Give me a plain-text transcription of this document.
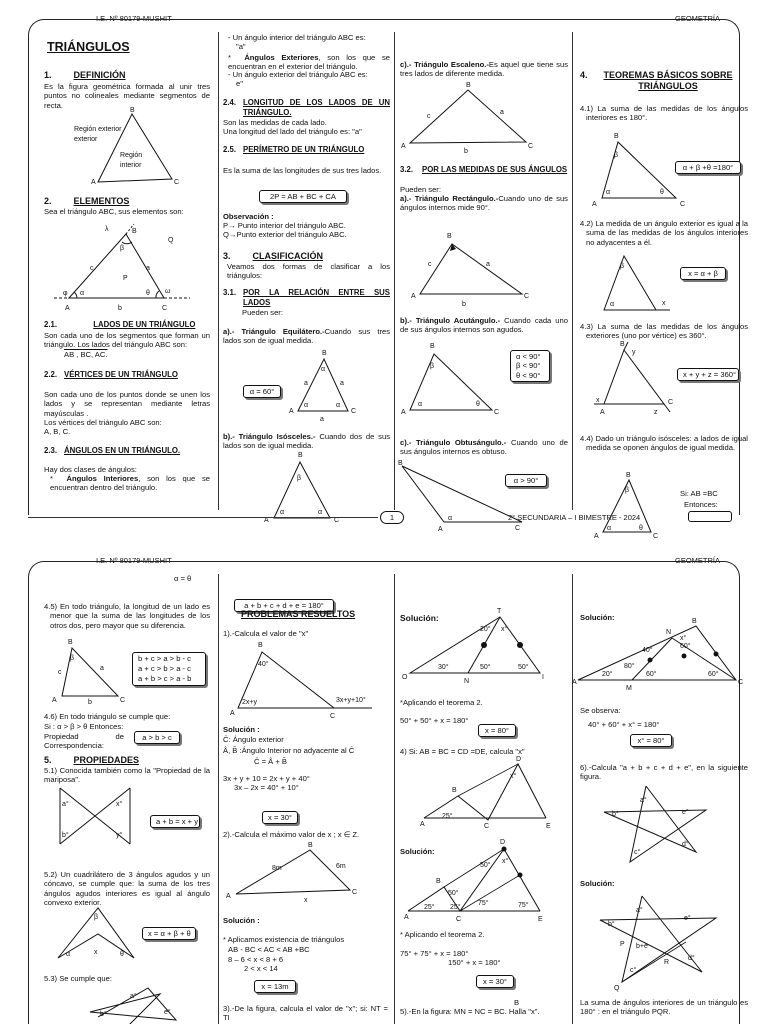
I.E. Nº 80179-MUSHIT	GEOMETRÍA
TRIÁNGULOS
1. DEFINICIÓN
Es la figura geométrica formada al unir tres puntos no colineales mediante segmentos de recta.
B
A	C
Región exterior
exterior
Región
interior
2. ELEMENTOS
Sea el triángulo ABC, sus elementos son:
B
λ
β
Q
c	a
P
φ α	θ ω
A	b	C
2.1.	LADOS DE UN TRIÁNGULO
Son cada uno de los segmentos que forman un triángulo. Los lados del triángulo ABC son:
AB , BC, AC.
2.2. VÉRTICES DE UN TRIÁNGULO
Son cada uno de los puntos donde se unen los lados y se representan mediante letras mayúsculas .
Los vértices del triángulo ABC son:
A, B, C.
2.3. ÁNGULOS EN UN TRIÁNGULO.
Hay dos clases de ángulos:
*  Ángulos Interiores, son los que se encuentran dentro del triángulo.
- Un ángulo interior del triángulo ABC es:
"a"
*  Ángulos Exteriores, son los que se encuentran en el exterior del triángulo.
- Un ángulo exterior del triángulo ABC es:
e"
2.4. LONGITUD DE LOS LADOS DE UN TRIÁNGULO.
Son las medidas de cada lado.
Una longitud del lado del triángulo es: "a"
2.5. PERÍMETRO DE UN TRIÁNGULO
Es la suma de las longitudes de sus tres lados.
2P = AB + BC + CA
Observación :
P→ Punto interior del triángulo ABC.
Q→Punto exterior del triángulo ABC.
3. CLASIFICACIÓN
Veamos dos formas de clasificar a los triángulos:
3.1. POR LA RELACIÓN ENTRE SUS LADOS
Pueden ser:
a).- Triángulo Equilátero.-Cuando sus tres lados son de igual medida.
α = 60°
B
a	a
a
A	C
α	α
α
b).- Triángulo Isósceles.- Cuando dos de sus lados son de igual medida.
B
β
A	C
α	α
c).- Triángulo Escaleno.-Es aquel que tiene sus tres lados de diferente medida.
B
c
a
A
b
C
3.2. POR LAS MEDIDAS DE SUS ÁNGULOS
Pueden ser:
a).- Triángulo Rectángulo.-Cuando uno de sus ángulos internos mide 90°.
B
c	a
A
b
C
b).- Triángulo Acutángulo.- Cuando cada uno de sus ángulos internos son agudos.
B
β
A	C
α	θ
α < 90°
β < 90°
θ < 90°
c).- Triángulo Obtusángulo.- Cuando uno de sus ángulos internos es obtuso.
α > 90°
B
A
α
C
4.	TEOREMAS BÁSICOS SOBRE TRIÁNGULOS
4.1) La suma de las medidas de los ángulos interiores es 180°.
B
β
A	C
α	θ
α + β +θ =180°
4.2) La medida de un ángulo exterior es igual a la suma de las medidas de los ángulos interiores no adyacentes a él.
β
α	x
x = α + β
4.3) La suma de las medidas de los ángulos exteriores (uno por vértice) es 360°.
B
y
x
A	z
C
x + y + z = 360°
4.4) Dado un triángulo isósceles: a lados de igual medida se oponen ángulos de igual medida.
B
β
A	C
α	θ
Si: AB =BC
Entonces:
1	2° SECUNDARIA – I BIMESTRE - 2024
I.E. Nº 80179-MUSHIT	GEOMETRÍA
α = θ
4.5) En todo triángulo, la longitud de un lado es menor que la suma de las longitudes de los otros dos, pero mayor que su diferencia.
B
β
c
a
A	b	C
b + c > a > b - c
a + c > b > a - c
a + b > c > a - b
4.6) En todo triángulo se cumple que:
Si : α > β > θ Entonces:
Propiedad de Correspondencia:
a > b > c
5. PROPIEDADES
5.1) Conocida también como la "Propiedad de la mariposa".
a°	x°
b°	y°
a + b = x + y
5.2) Un cuadrilátero de 3 ángulos agudos y un cóncavo, se cumple que: la suma de los tres ángulos agudos interiores es igual al ángulo convexo exterior.
β
x
α	θ
x = α + β + θ
5.3) Se cumple que:
a°
b°	e°
a + b + c + d + e = 180°
PROBLEMAS RESUELTOS
1).-Calcula el valor de "x"
B
40°
A	C
2x+y	3x+y+10°
Solución :
Ĉ: Ángulo exterior
Â, B̂ :Ángulo Interior no adyacente al Ĉ
Ĉ = Â + B̂
3x + y + 10 = 2x + y + 40°
3x – 2x = 40° + 10°
x = 30°
2).-Calcula el máximo valor de x ; x ∈ Z.
B
8m	6m
A
x
C
Solución :
* Aplicamos existencia de triángulos
AB - BC < AC < AB +BC
8 – 6 < x < 8 + 6
2 < x < 14
x = 13m
3).-De la figura, calcula el valor de "x"; si: NT = TI
Solución:
T
20° x°
O
30°	50°	50°
N
I
*Aplicando el teorema 2.
50° + 50° + x = 180°
x = 80°
4) Si: AB = BC = CD =DE, calcula "x"
D
x°
B
A
25°
C	E
Solución:
D
50°
x°
B
50°
A
25° 25°
C
75°	75°
E
* Aplicando el teorema 2.
75° + 75° + x = 180°
150° + x = 180°
x = 30°
B
5).-En la figura: MN = NC = BC. Halla "x".
Solución:	B
N
x°
40°
60°
20°
A
80°
M
60°	60°
C
Se observa:
40° + 60° + x° = 180°
x° = 80°
6).-Calcula "a + b + c + d + e", en la siguiente figura.
a°
b°	e°
d°
c°
Solución:
a°
b°
e°
P b+e
R
d°
c°
Q
La suma de ángulos interiores de un triángulo es 180° : en el triángulo PQR.
